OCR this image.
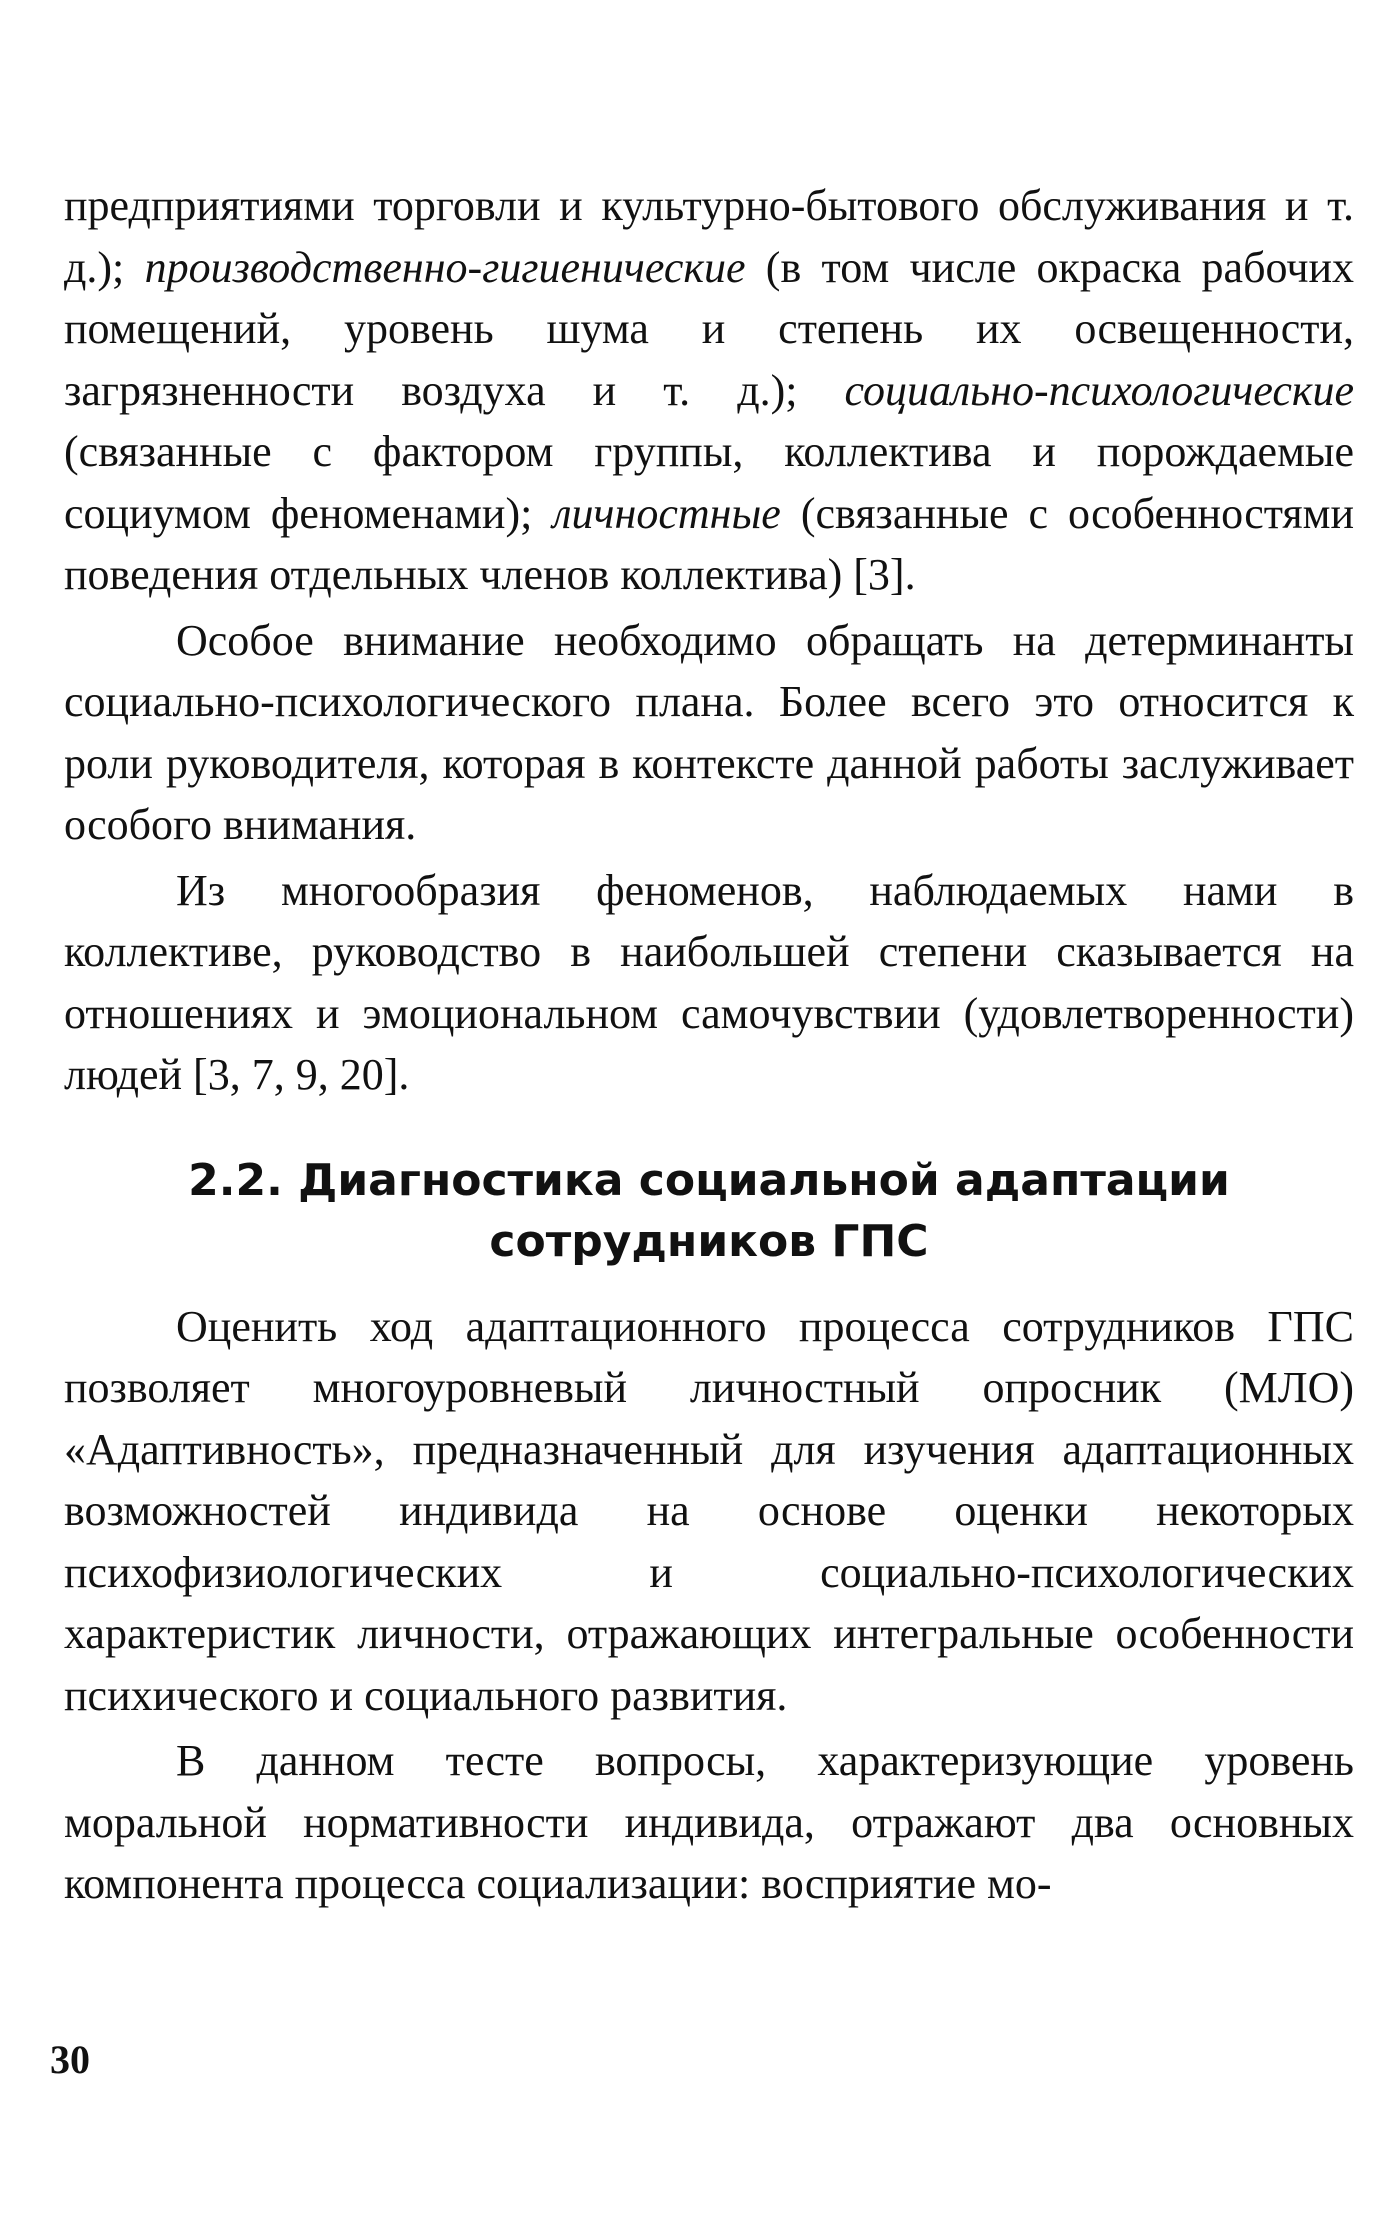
предприятиями торговли и культурно-бытового обслуживания и т. д.); производственно-гигиенические (в том числе окраска рабочих помещений, уровень шума и степень их освещенности, загрязненности воздуха и т. д.); социально-психологические (связанные с фактором группы, коллектива и порождаемые социумом феноменами); личностные (связанные с особенностями поведения отдельных членов коллектива) [3].

Особое внимание необходимо обращать на детерминанты социально-психологического плана. Более всего это относится к роли руководителя, которая в контексте данной работы заслуживает особого внимания.

Из многообразия феноменов, наблюдаемых нами в коллективе, руководство в наибольшей степени сказывается на отношениях и эмоциональном самочувствии (удовлетворенности) людей [3, 7, 9, 20].

2.2. Диагностика социальной адаптации
сотрудников ГПС

Оценить ход адаптационного процесса сотрудников ГПС позволяет многоуровневый личностный опросник (МЛО) «Адаптивность», предназначенный для изучения адаптационных возможностей индивида на основе оценки некоторых психофизиологических и социально-психологических характеристик личности, отражающих интегральные особенности психического и социального развития.

В данном тесте вопросы, характеризующие уровень моральной нормативности индивида, отражают два основных компонента процесса социализации: восприятие мо-

30
